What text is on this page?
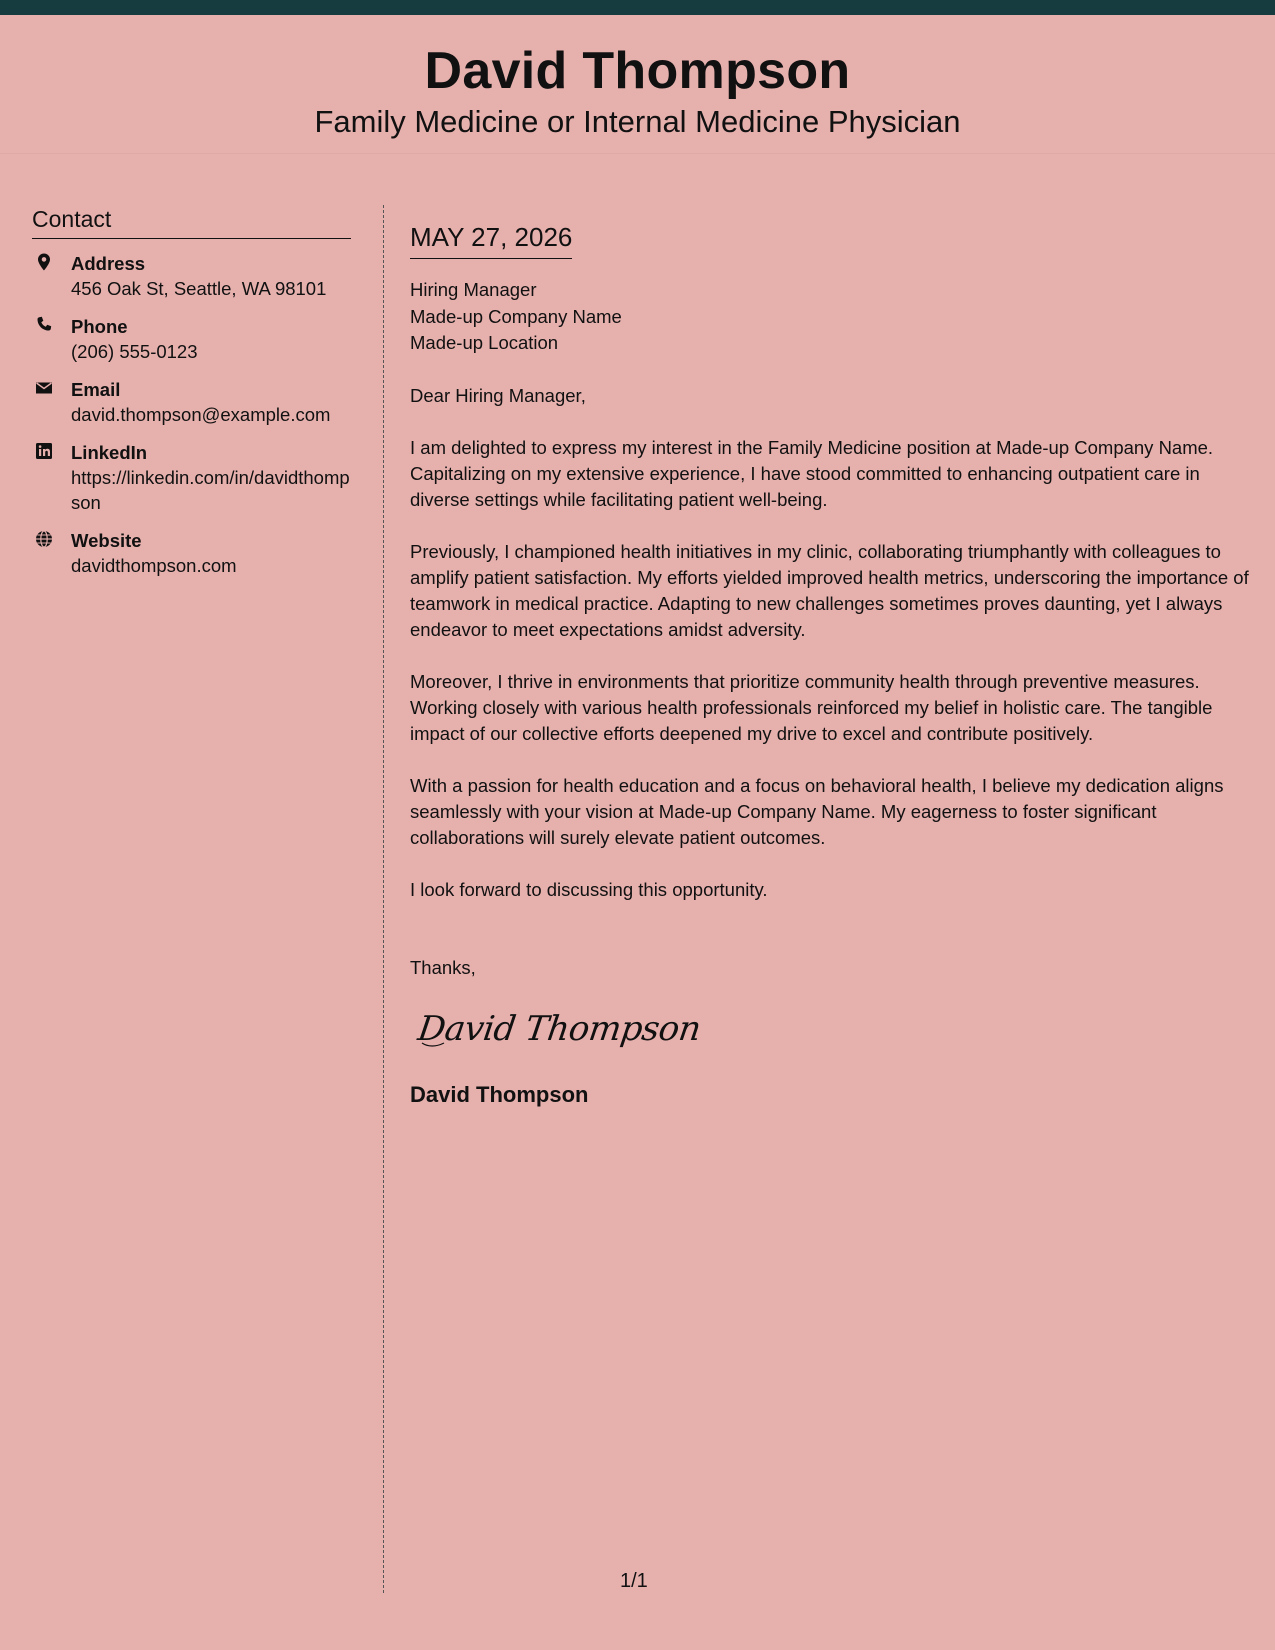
David Thompson
Family Medicine or Internal Medicine Physician
Contact
Address
456 Oak St, Seattle, WA 98101
Phone
(206) 555-0123
Email
david.thompson@example.com
LinkedIn
https://linkedin.com/in/davidthompson
Website
davidthompson.com
MAY 27, 2026
Hiring Manager
Made-up Company Name
Made-up Location
Dear Hiring Manager,
I am delighted to express my interest in the Family Medicine position at Made-up Company Name. Capitalizing on my extensive experience, I have stood committed to enhancing outpatient care in diverse settings while facilitating patient well-being.
Previously, I championed health initiatives in my clinic, collaborating triumphantly with colleagues to amplify patient satisfaction. My efforts yielded improved health metrics, underscoring the importance of teamwork in medical practice. Adapting to new challenges sometimes proves daunting, yet I always endeavor to meet expectations amidst adversity.
Moreover, I thrive in environments that prioritize community health through preventive measures. Working closely with various health professionals reinforced my belief in holistic care. The tangible impact of our collective efforts deepened my drive to excel and contribute positively.
With a passion for health education and a focus on behavioral health, I believe my dedication aligns seamlessly with your vision at Made-up Company Name. My eagerness to foster significant collaborations will surely elevate patient outcomes.
I look forward to discussing this opportunity.
Thanks,
David Thompson
David Thompson
1/1
